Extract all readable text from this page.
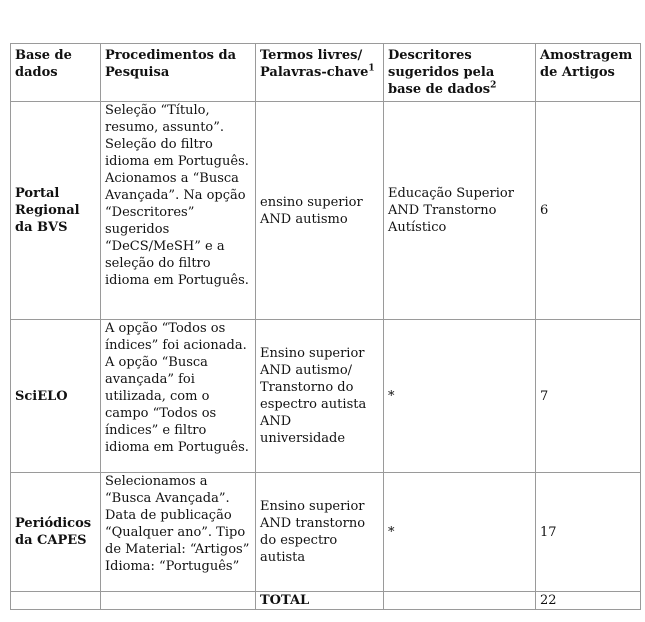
Base de dados	Procedimentos da Pesquisa	Termos livres/ Palavras-chave$^1$	Descritores sugeridos pela base de dados$^2$	Amostragem de Artigos
Portal Regional da BVS	Seleção “Título, resumo, assunto”. Seleção do filtro idioma em Português. Acionamos a “Busca Avançada”. Na opção “Descritores” sugeridos “DeCS/MeSH” e a seleção do filtro idioma em Português.	ensino superior AND autismo	Educação Superior AND Transtorno Autístico	6
SciELO	A opção “Todos os índices” foi acionada. A opção “Busca avançada” foi utilizada, com o campo “Todos os índices” e filtro idioma em Português.	Ensino superior AND autismo/ Transtorno do espectro autista AND universidade	*	7
Periódicos da CAPES	Selecionamos a “Busca Avançada”. Data de publicação “Qualquer ano”. Tipo de Material: “Artigos” Idioma: “Português”	Ensino superior AND transtorno do espectro autista	*	17
		TOTAL		22
